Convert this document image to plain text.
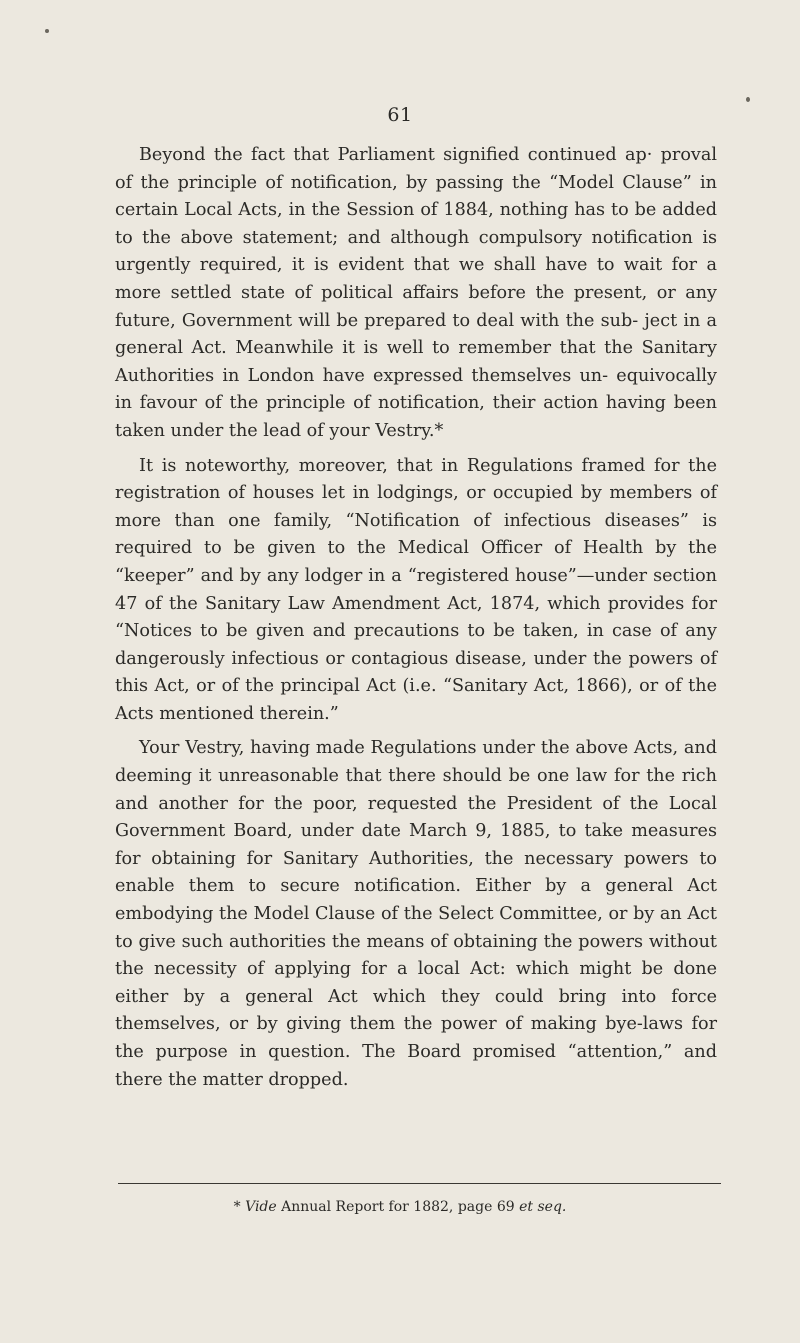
61

Beyond the fact that Parliament signified continued ap· proval of the principle of notification, by passing the “Model Clause” in certain Local Acts, in the Session of 1884, nothing has to be added to the above statement; and although compulsory notification is urgently required, it is evident that we shall have to wait for a more settled state of political affairs before the present, or any future, Government will be prepared to deal with the sub- ject in a general Act. Meanwhile it is well to remember that the Sanitary Authorities in London have expressed themselves un- equivocally in favour of the principle of notification, their action having been taken under the lead of your Vestry.*

It is noteworthy, moreover, that in Regulations framed for the registration of houses let in lodgings, or occupied by members of more than one family, “Notification of infectious diseases” is required to be given to the Medical Officer of Health by the “keeper” and by any lodger in a “registered house”—under section 47 of the Sanitary Law Amendment Act, 1874, which provides for “Notices to be given and precautions to be taken, in case of any dangerously infectious or contagious disease, under the powers of this Act, or of the principal Act (i.e. “Sanitary Act, 1866), or of the Acts mentioned therein.”

Your Vestry, having made Regulations under the above Acts, and deeming it unreasonable that there should be one law for the rich and another for the poor, requested the President of the Local Government Board, under date March 9, 1885, to take measures for obtaining for Sanitary Authorities, the necessary powers to enable them to secure notification. Either by a general Act embodying the Model Clause of the Select Committee, or by an Act to give such authorities the means of obtaining the powers without the necessity of applying for a local Act: which might be done either by a general Act which they could bring into force themselves, or by giving them the power of making bye-laws for the purpose in question. The Board promised “attention,” and there the matter dropped.

* Vide Annual Report for 1882, page 69 et seq.
